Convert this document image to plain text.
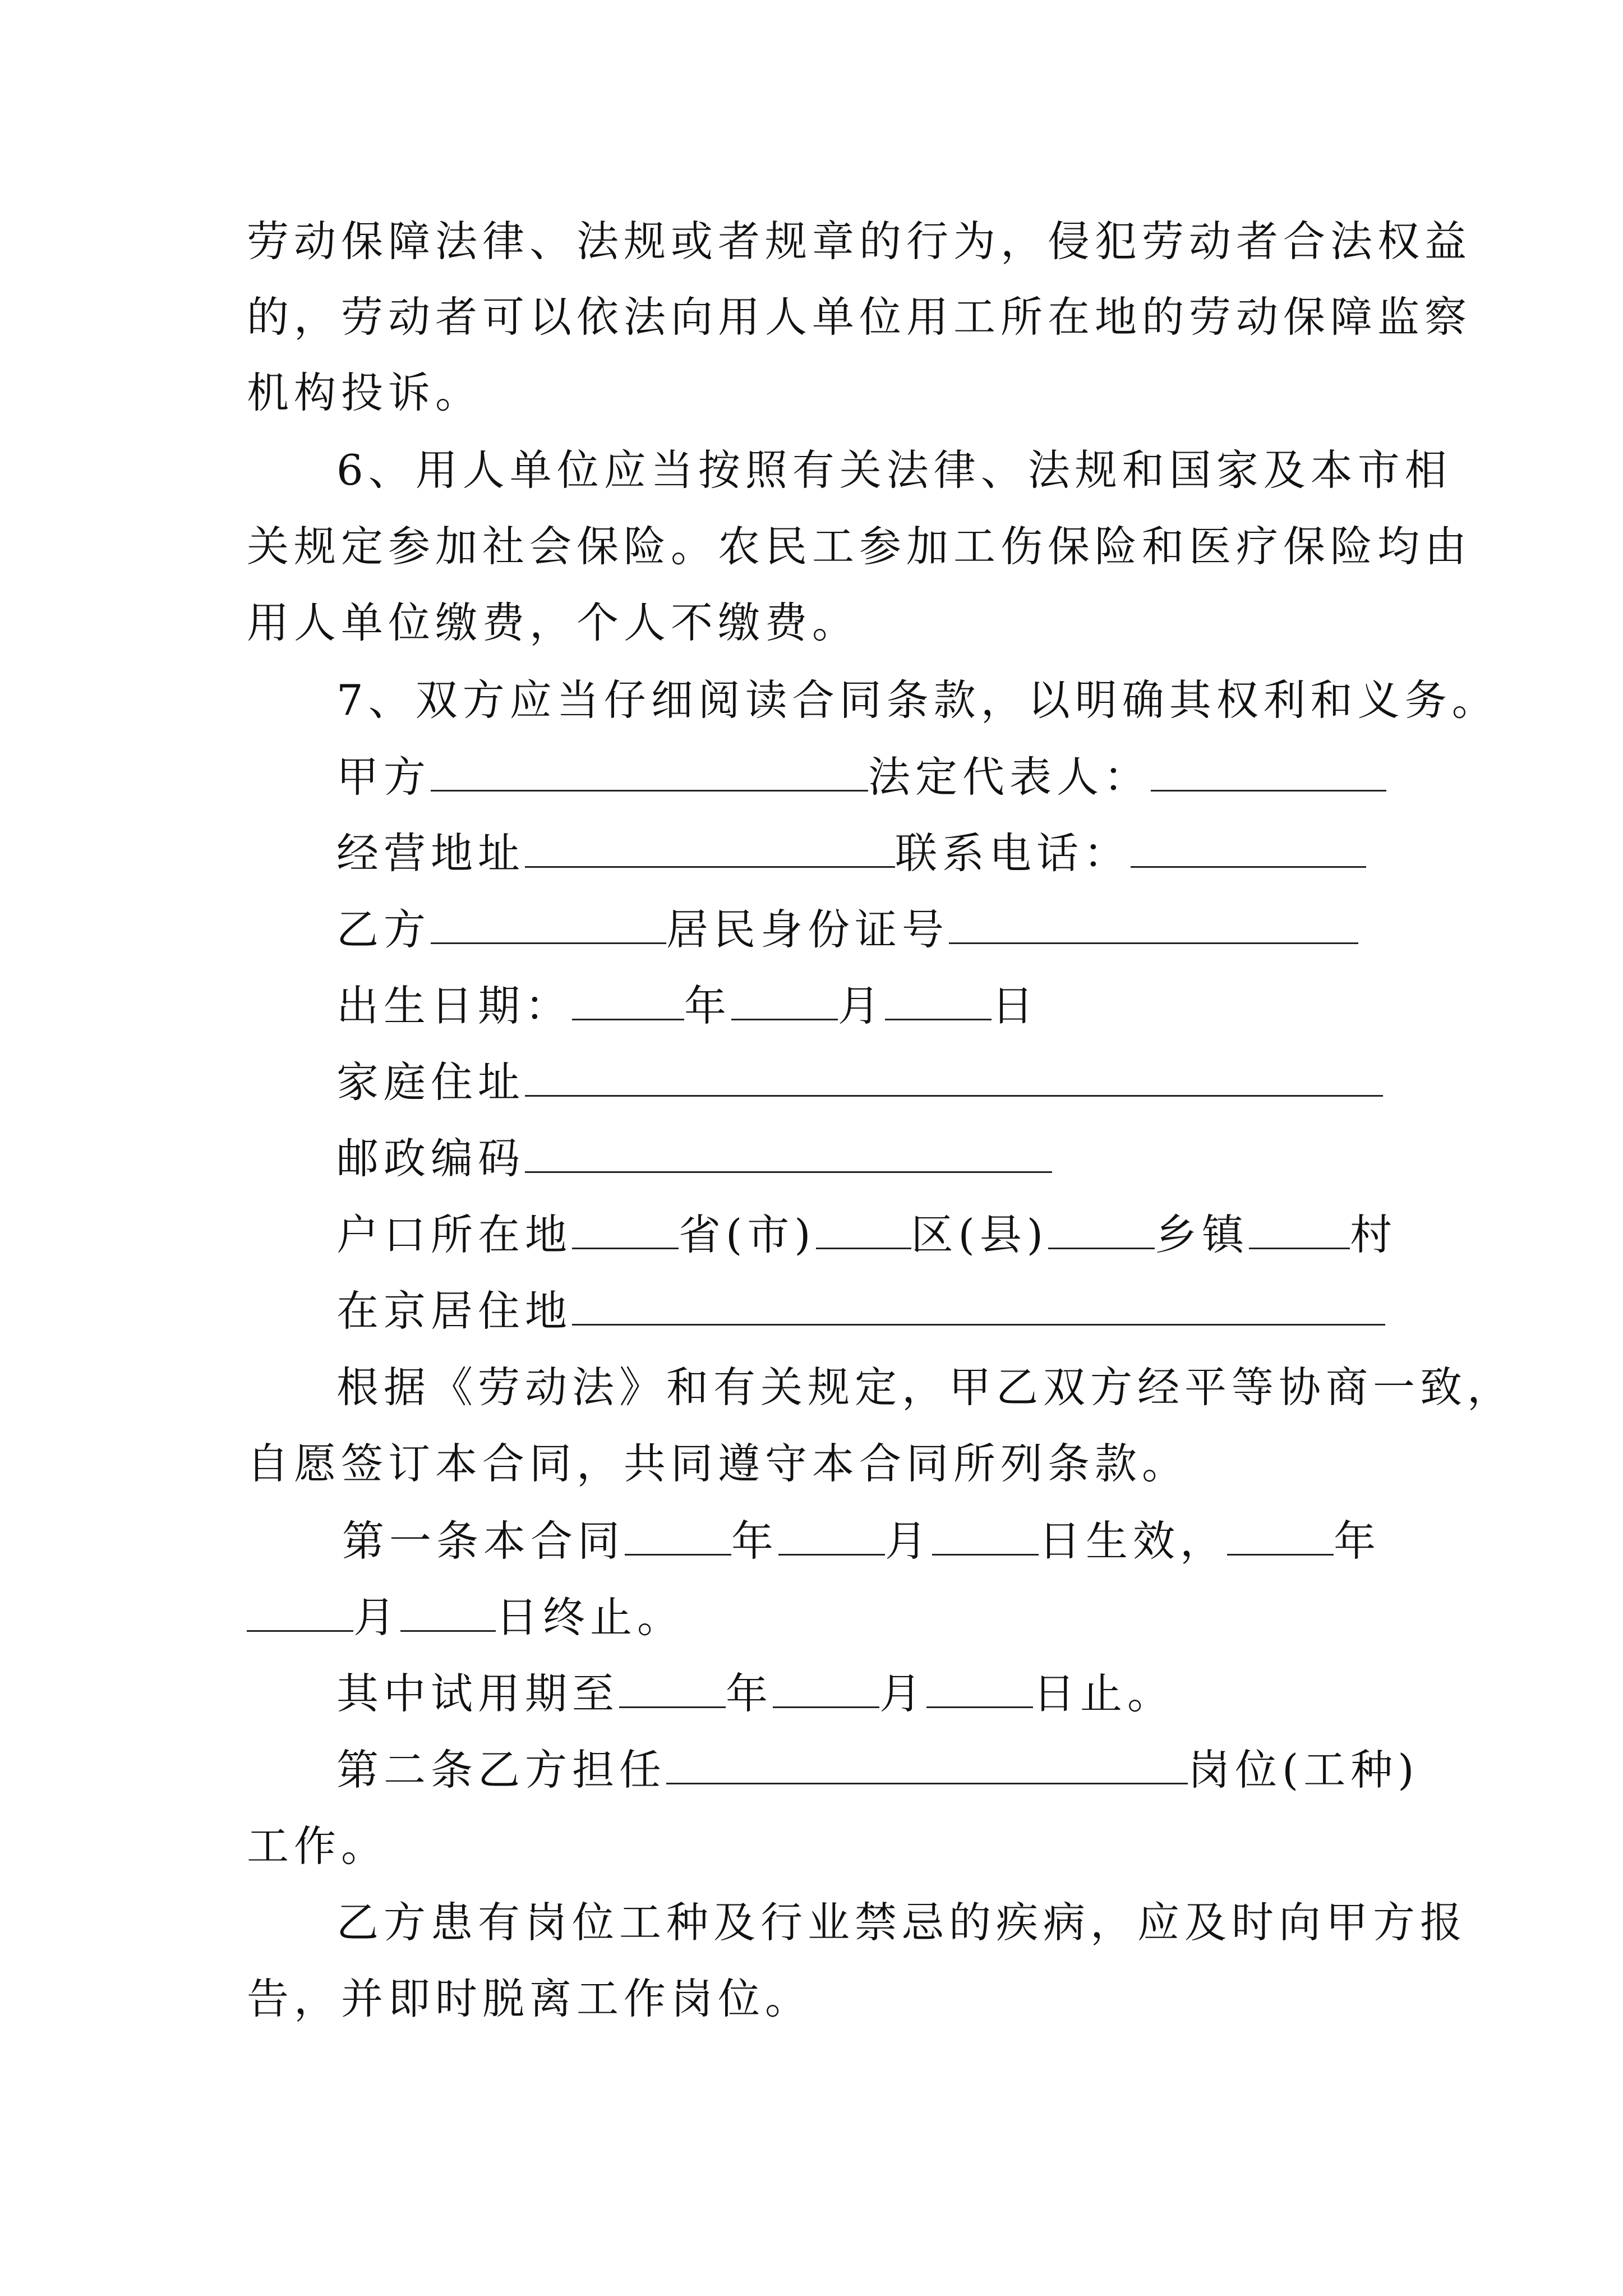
劳动保障法律、法规或者规章的行为，侵犯劳动者合法权益
的，劳动者可以依法向用人单位用工所在地的劳动保障监察
机构投诉。
6、用人单位应当按照有关法律、法规和国家及本市相
关规定参加社会保险。农民工参加工伤保险和医疗保险均由
用人单位缴费，个人不缴费。
7、双方应当仔细阅读合同条款，以明确其权利和义务。
甲方	法定代表人：
经营地址	联系电话：
乙方	居民身份证号
出生日期：	年	月	日
家庭住址
邮政编码
户口所在地	省(市) 区(县)	乡镇 村
在京居住地
根据《劳动法》和有关规定，甲乙双方经平等协商一致，
自愿签订本合同，共同遵守本合同所列条款。
第一条本合同	年	月	日生效，	年
月 日终止。
其中试用期至	年	月	日止。
第二条乙方担任	岗位(工种)
工作。
乙方患有岗位工种及行业禁忌的疾病，应及时向甲方报
告，并即时脱离工作岗位。
